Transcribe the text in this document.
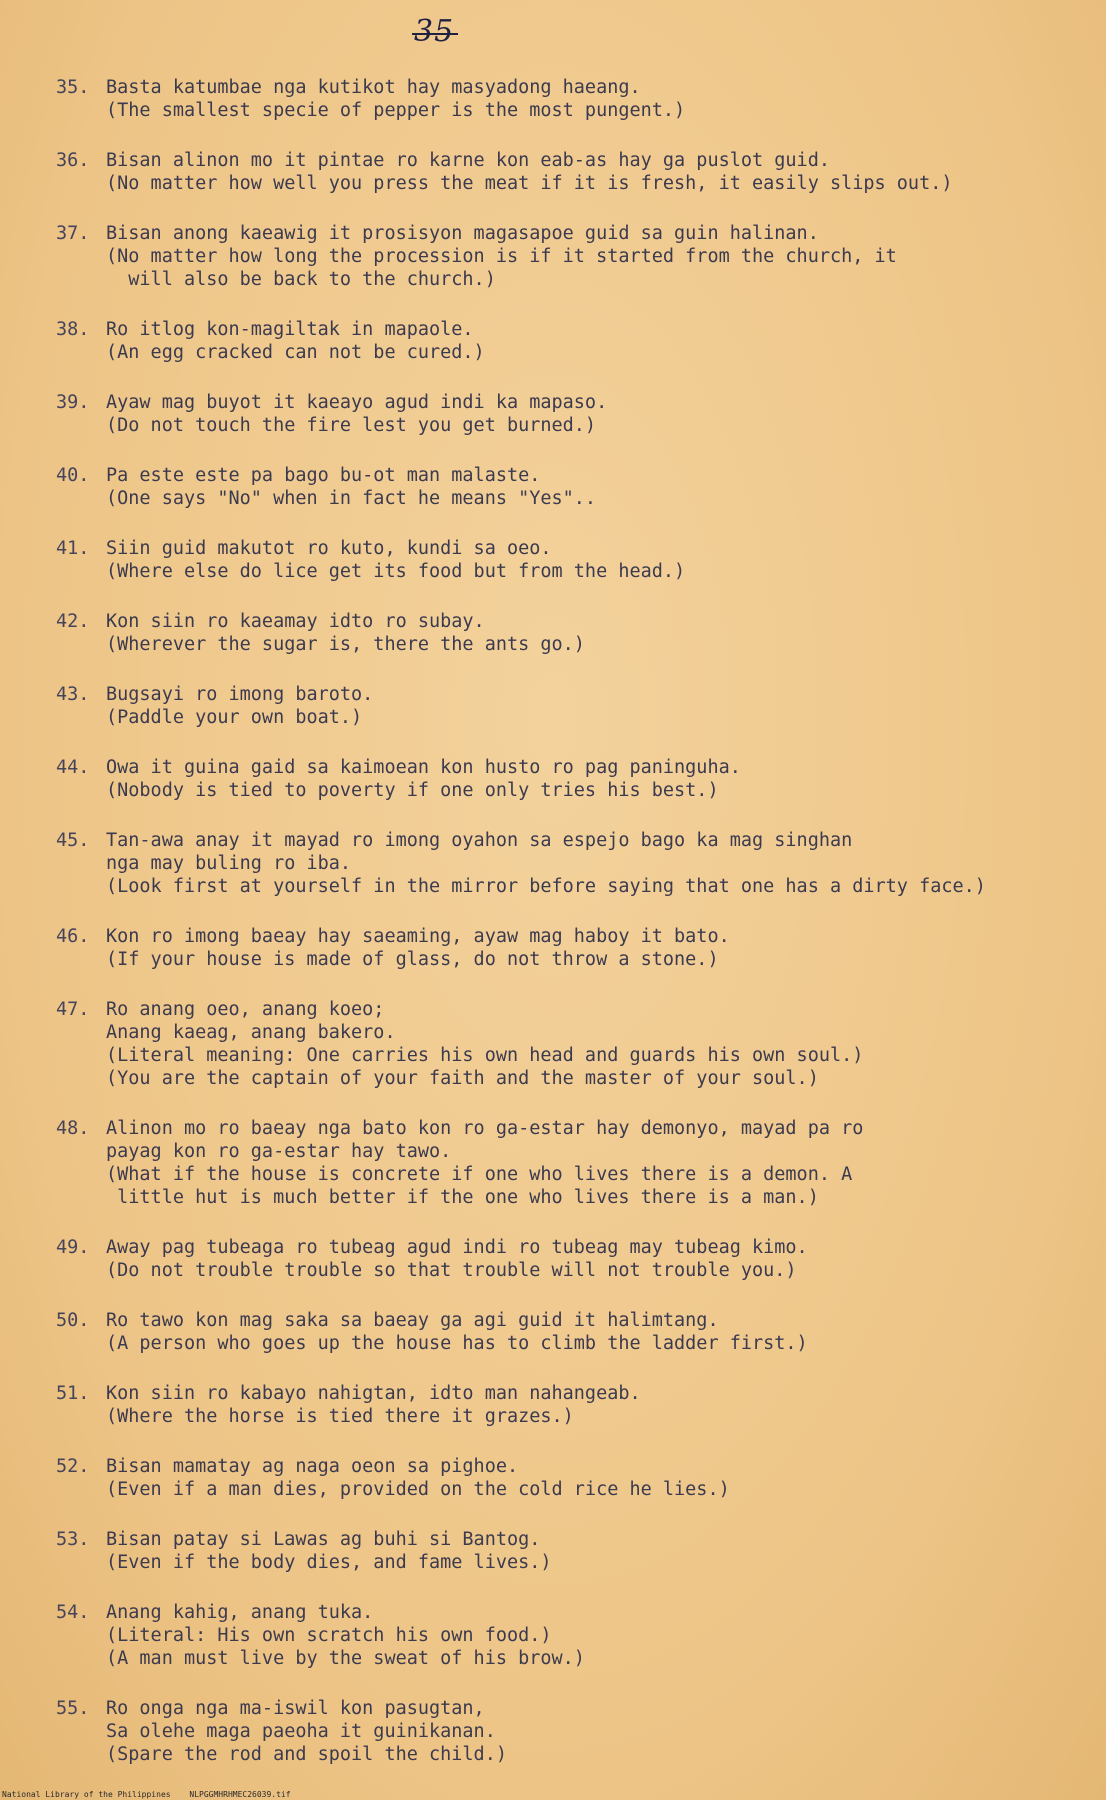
35
35. Basta katumbae nga kutikot hay masyadong haeang.
(The smallest specie of pepper is the most pungent.)
36. Bisan alinon mo it pintae ro karne kon eab-as hay ga puslot guid.
(No matter how well you press the meat if it is fresh, it easily slips out.)
37. Bisan anong kaeawig it prosisyon magasapoe guid sa guin halinan.
(No matter how long the procession is if it started from the church, it
will also be back to the church.)
38. Ro itlog kon-magiltak in mapaole.
(An egg cracked can not be cured.)
39. Ayaw mag buyot it kaeayo agud indi ka mapaso.
(Do not touch the fire lest you get burned.)
40. Pa este este pa bago bu-ot man malaste.
(One says "No" when in fact he means "Yes"..
41. Siin guid makutot ro kuto, kundi sa oeo.
(Where else do lice get its food but from the head.)
42. Kon siin ro kaeamay idto ro subay.
(Wherever the sugar is, there the ants go.)
43. Bugsayi ro imong baroto.
(Paddle your own boat.)
44. Owa it guina gaid sa kaimoean kon husto ro pag paninguha.
(Nobody is tied to poverty if one only tries his best.)
45. Tan-awa anay it mayad ro imong oyahon sa espejo bago ka mag singhan
nga may buling ro iba.
(Look first at yourself in the mirror before saying that one has a dirty face.)
46. Kon ro imong baeay hay saeaming, ayaw mag haboy it bato.
(If your house is made of glass, do not throw a stone.)
47. Ro anang oeo, anang koeo;
Anang kaeag, anang bakero.
(Literal meaning: One carries his own head and guards his own soul.)
(You are the captain of your faith and the master of your soul.)
48. Alinon mo ro baeay nga bato kon ro ga-estar hay demonyo, mayad pa ro
payag kon ro ga-estar hay tawo.
(What if the house is concrete if one who lives there is a demon. A
little hut is much better if the one who lives there is a man.)
49. Away pag tubeaga ro tubeag agud indi ro tubeag may tubeag kimo.
(Do not trouble trouble so that trouble will not trouble you.)
50. Ro tawo kon mag saka sa baeay ga agi guid it halimtang.
(A person who goes up the house has to climb the ladder first.)
51. Kon siin ro kabayo nahigtan, idto man nahangeab.
(Where the horse is tied there it grazes.)
52. Bisan mamatay ag naga oeon sa pighoe.
(Even if a man dies, provided on the cold rice he lies.)
53. Bisan patay si Lawas ag buhi si Bantog.
(Even if the body dies, and fame lives.)
54. Anang kahig, anang tuka.
(Literal: His own scratch his own food.)
(A man must live by the sweat of his brow.)
55. Ro onga nga ma-iswil kon pasugtan,
Sa olehe maga paeoha it guinikanan.
(Spare the rod and spoil the child.)
National Library of the Philippines NLPGGMHRHMEC26039.tif
